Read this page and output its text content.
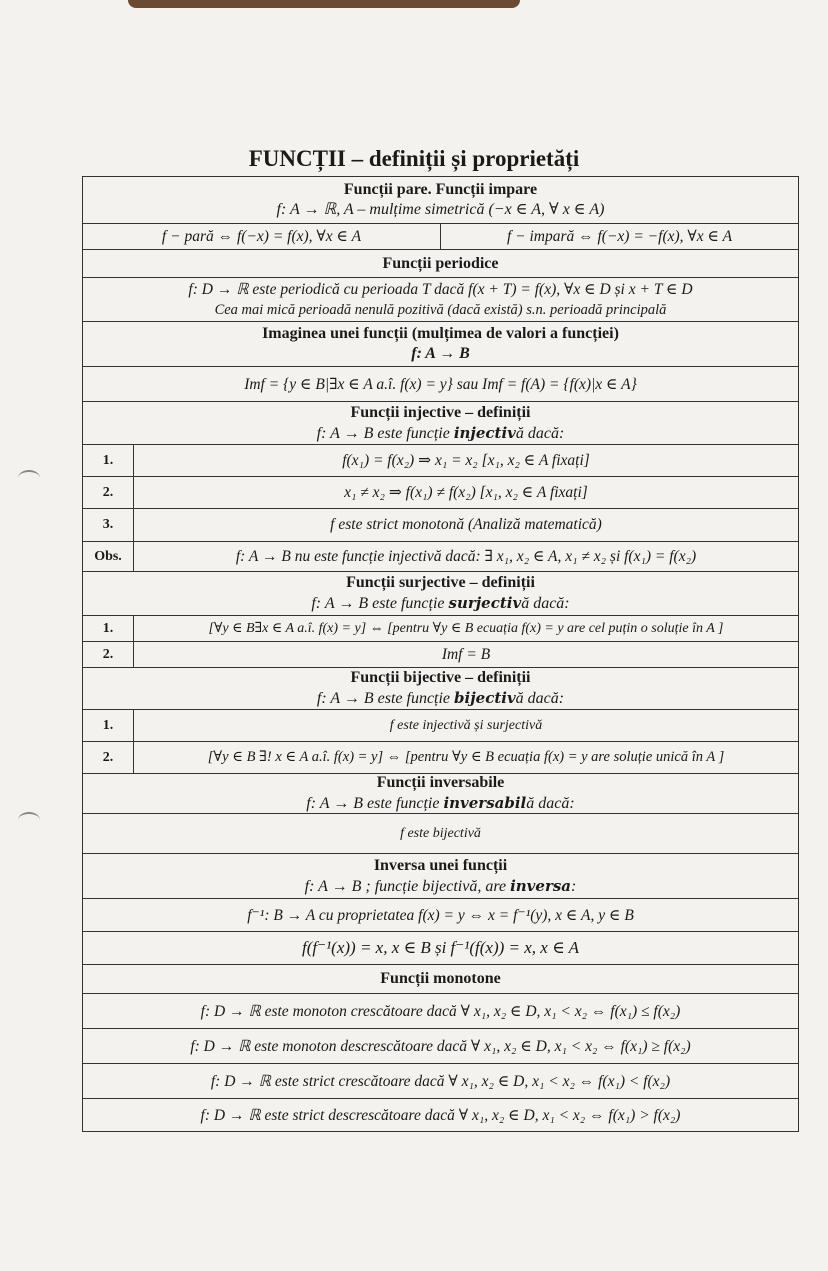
FUNCȚII – definiții și proprietăți
Funcții pare. Funcții impare
f: A → ℝ, A – mulțime simetrică (−x ∈ A, ∀ x ∈ A)
f − pară ⇔ f(−x) = f(x), ∀x ∈ A	f − impară ⇔ f(−x) = −f(x), ∀x ∈ A
Funcții periodice
f: D → ℝ este periodică cu perioada T dacă f(x + T) = f(x), ∀x ∈ D și x + T ∈ D
Cea mai mică perioadă nenulă pozitivă (dacă există) s.n. perioadă principală
Imaginea unei funcții (mulțimea de valori a funcției)
f: A → B
Imf = {y ∈ B|∃x ∈ A a.î. f(x) = y} sau Imf = f(A) = {f(x)|x ∈ A}
Funcții injective – definiții
f: A → B este funcție injectivă dacă:
1.	f(x₁) = f(x₂) ⇒ x₁ = x₂ [x₁, x₂ ∈ A fixați]
2.	x₁ ≠ x₂ ⇒ f(x₁) ≠ f(x₂) [x₁, x₂ ∈ A fixați]
3.	f este strict monotonă (Analiză matematică)
Obs.	f: A → B nu este funcție injectivă dacă: ∃ x₁, x₂ ∈ A, x₁ ≠ x₂ și f(x₁) = f(x₂)
Funcții surjective – definiții
f: A → B este funcție surjectivă dacă:
1.	[∀y ∈ B∃x ∈ A a.î. f(x) = y] ⇔ [pentru ∀y ∈ B ecuația f(x) = y are cel puțin o soluție în A ]
2.	Imf = B
Funcții bijective – definiții
f: A → B este funcție bijectivă dacă:
1.	f este injectivă și surjectivă
2.	[∀y ∈ B ∃! x ∈ A a.î. f(x) = y] ⇔ [pentru ∀y ∈ B ecuația f(x) = y are soluție unică în A ]
Funcții inversabile
f: A → B este funcție inversabilă dacă:
f este bijectivă
Inversa unei funcții
f: A → B ; funcție bijectivă, are inversa:
f⁻¹: B → A cu proprietatea f(x) = y ⇔ x = f⁻¹(y), x ∈ A, y ∈ B
f(f⁻¹(x)) = x, x ∈ B și f⁻¹(f(x)) = x, x ∈ A
Funcții monotone
f: D → ℝ este monoton crescătoare dacă ∀ x₁, x₂ ∈ D, x₁ < x₂ ⇔ f(x₁) ≤ f(x₂)
f: D → ℝ este monoton descrescătoare dacă ∀ x₁, x₂ ∈ D, x₁ < x₂ ⇔ f(x₁) ≥ f(x₂)
f: D → ℝ este strict crescătoare dacă ∀ x₁, x₂ ∈ D, x₁ < x₂ ⇔ f(x₁) < f(x₂)
f: D → ℝ este strict descrescătoare dacă ∀ x₁, x₂ ∈ D, x₁ < x₂ ⇔ f(x₁) > f(x₂)
